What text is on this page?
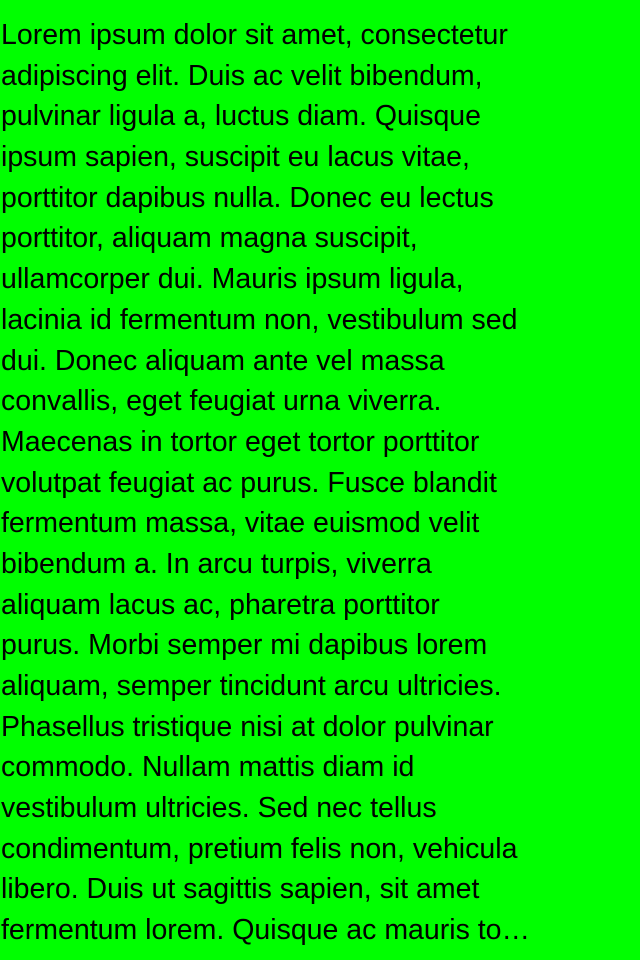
Lorem ipsum dolor sit amet, consectetur
adipiscing elit. Duis ac velit bibendum,
pulvinar ligula a, luctus diam. Quisque
ipsum sapien, suscipit eu lacus vitae,
porttitor dapibus nulla. Donec eu lectus
porttitor, aliquam magna suscipit,
ullamcorper dui. Mauris ipsum ligula,
lacinia id fermentum non, vestibulum sed
dui. Donec aliquam ante vel massa
convallis, eget feugiat urna viverra.
Maecenas in tortor eget tortor porttitor
volutpat feugiat ac purus. Fusce blandit
fermentum massa, vitae euismod velit
bibendum a. In arcu turpis, viverra
aliquam lacus ac, pharetra porttitor
purus. Morbi semper mi dapibus lorem
aliquam, semper tincidunt arcu ultricies.
Phasellus tristique nisi at dolor pulvinar
commodo. Nullam mattis diam id
vestibulum ultricies. Sed nec tellus
condimentum, pretium felis non, vehicula
libero. Duis ut sagittis sapien, sit amet
fermentum lorem. Quisque ac mauris to…
